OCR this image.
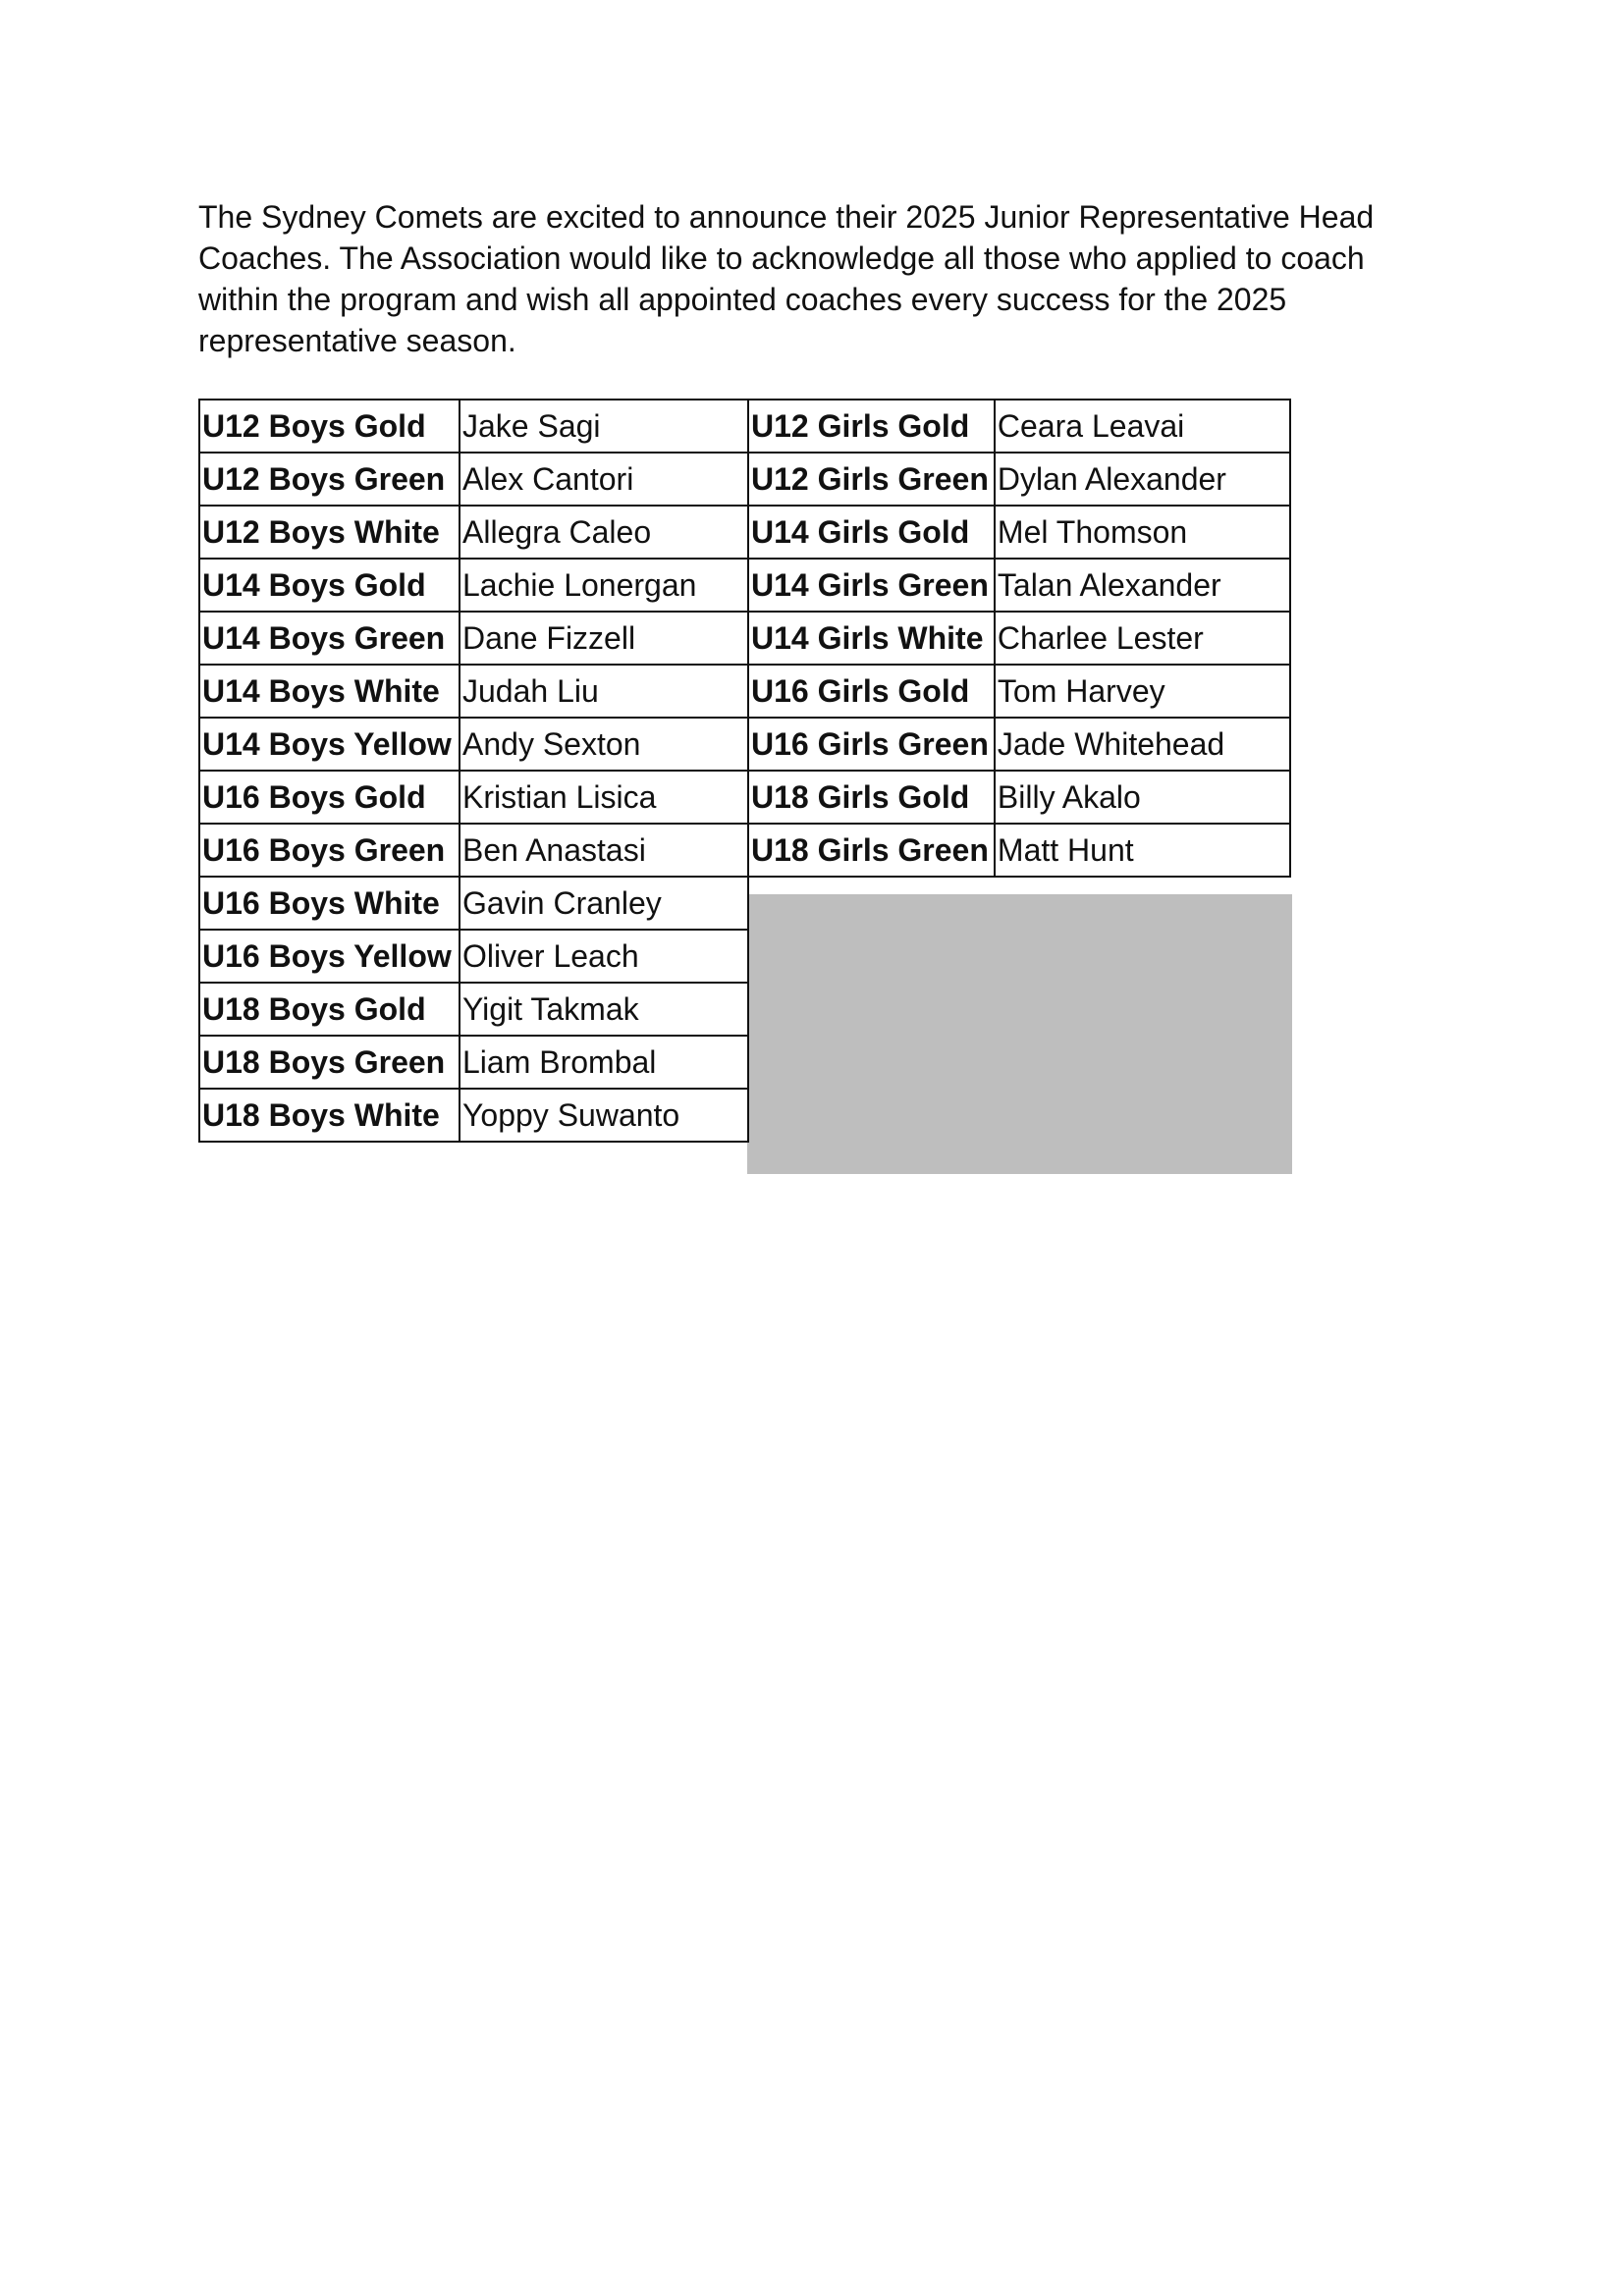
The Sydney Comets are excited to announce their 2025 Junior Representative Head
Coaches. The Association would like to acknowledge all those who applied to coach
within the program and wish all appointed coaches every success for the 2025
representative season.

U12 Boys Gold	Jake Sagi
U12 Boys Green	Alex Cantori
U12 Boys White	Allegra Caleo
U14 Boys Gold	Lachie Lonergan
U14 Boys Green	Dane Fizzell
U14 Boys White	Judah Liu
U14 Boys Yellow	Andy Sexton
U16 Boys Gold	Kristian Lisica
U16 Boys Green	Ben Anastasi
U16 Boys White	Gavin Cranley
U16 Boys Yellow	Oliver Leach
U18 Boys Gold	Yigit Takmak
U18 Boys Green	Liam Brombal
U18 Boys White	Yoppy Suwanto
U12 Girls Gold	Ceara Leavai
U12 Girls Green	Dylan Alexander
U14 Girls Gold	Mel Thomson
U14 Girls Green	Talan Alexander
U14 Girls White	Charlee Lester
U16 Girls Gold	Tom Harvey
U16 Girls Green	Jade Whitehead
U18 Girls Gold	Billy Akalo
U18 Girls Green	Matt Hunt
